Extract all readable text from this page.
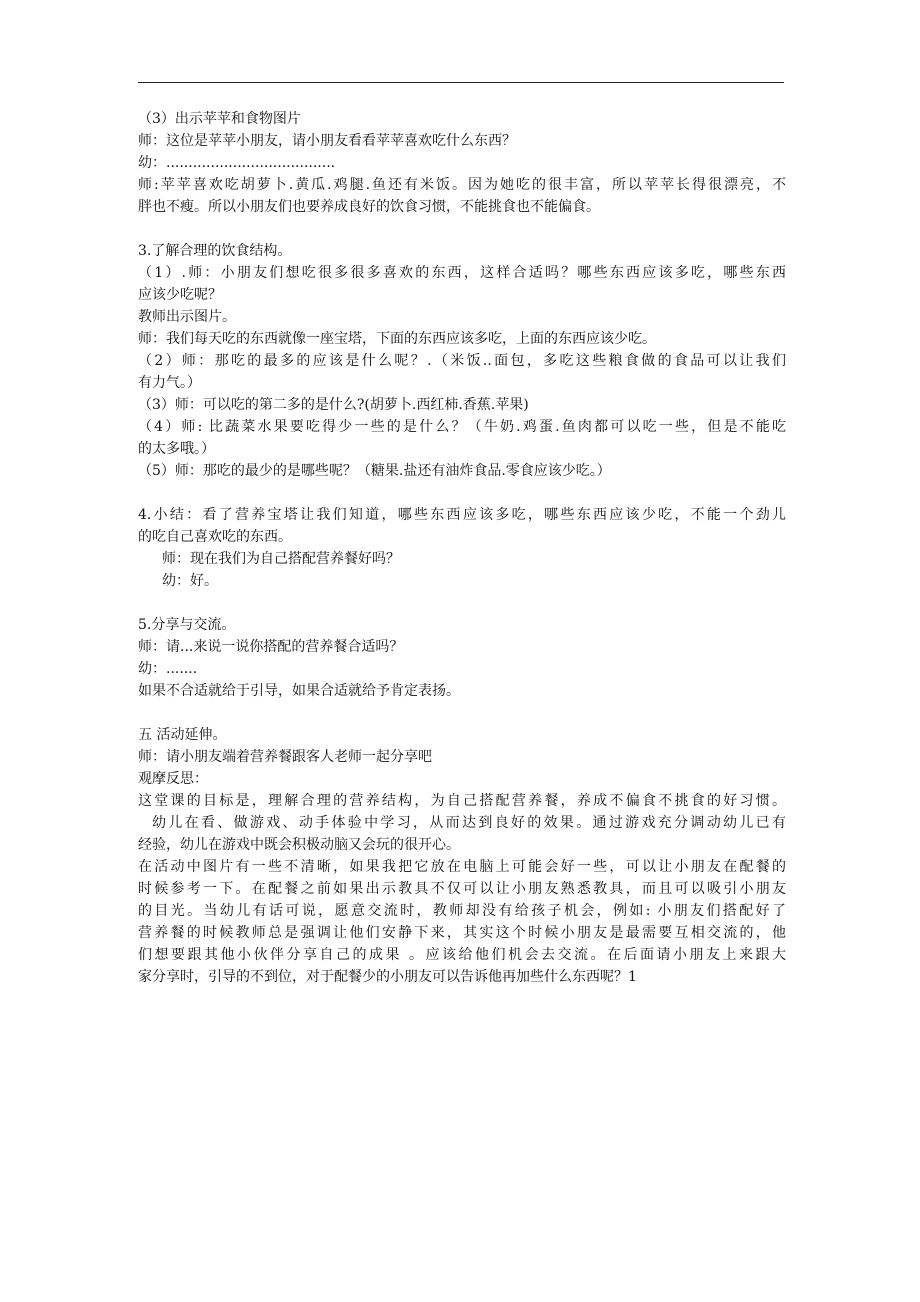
（3）出示苹苹和食物图片

师：这位是苹苹小朋友，请小朋友看看苹苹喜欢吃什么东西？

幼：......................................

师:苹苹喜欢吃胡萝卜.黄瓜.鸡腿.鱼还有米饭。因为她吃的很丰富，所以苹苹长得很漂亮，不

胖也不瘦。所以小朋友们也要养成良好的饮食习惯，不能挑食也不能偏食。

3.了解合理的饮食结构。

（1）.师：小朋友们想吃很多很多喜欢的东西，这样合适吗？哪些东西应该多吃，哪些东西

应该少吃呢？

教师出示图片。

师：我们每天吃的东西就像一座宝塔，下面的东西应该多吃，上面的东西应该少吃。

（2）师：那吃的最多的应该是什么呢？.（米饭..面包，多吃这些粮食做的食品可以让我们

有力气。）

（3）师：可以吃的第二多的是什么?(胡萝卜.西红柿.香蕉.苹果)

（4）师: 比蔬菜水果要吃得少一些的是什么？（牛奶.鸡蛋.鱼肉都可以吃一些，但是不能吃

的太多哦。）

（5）师：那吃的最少的是哪些呢？（糖果.盐还有油炸食品.零食应该少吃。）

4.小结：看了营养宝塔让我们知道，哪些东西应该多吃，哪些东西应该少吃，不能一个劲儿

的吃自己喜欢吃的东西。

师：现在我们为自己搭配营养餐好吗？

幼：好。

5.分享与交流。

师：请...来说一说你搭配的营养餐合适吗？

幼：.......

如果不合适就给于引导，如果合适就给予肯定表扬。

五 活动延伸。

师：请小朋友端着营养餐跟客人老师一起分享吧

观摩反思：

这堂课的目标是，理解合理的营养结构，为自己搭配营养餐，养成不偏食不挑食的好习惯。

幼儿在看、做游戏、动手体验中学习，从而达到良好的效果。通过游戏充分调动幼儿已有

经验，幼儿在游戏中既会积极动脑又会玩的很开心。

在活动中图片有一些不清晰，如果我把它放在电脑上可能会好一些，可以让小朋友在配餐的

时候参考一下。在配餐之前如果出示教具不仅可以让小朋友熟悉教具，而且可以吸引小朋友

的目光。当幼儿有话可说，愿意交流时，教师却没有给孩子机会，例如: 小朋友们搭配好了

营养餐的时候教师总是强调让他们安静下来，其实这个时候小朋友是最需要互相交流的，他

们想要跟其他小伙伴分享自己的成果 。应该给他们机会去交流。在后面请小朋友上来跟大

家分享时，引导的不到位，对于配餐少的小朋友可以告诉他再加些什么东西呢？1
